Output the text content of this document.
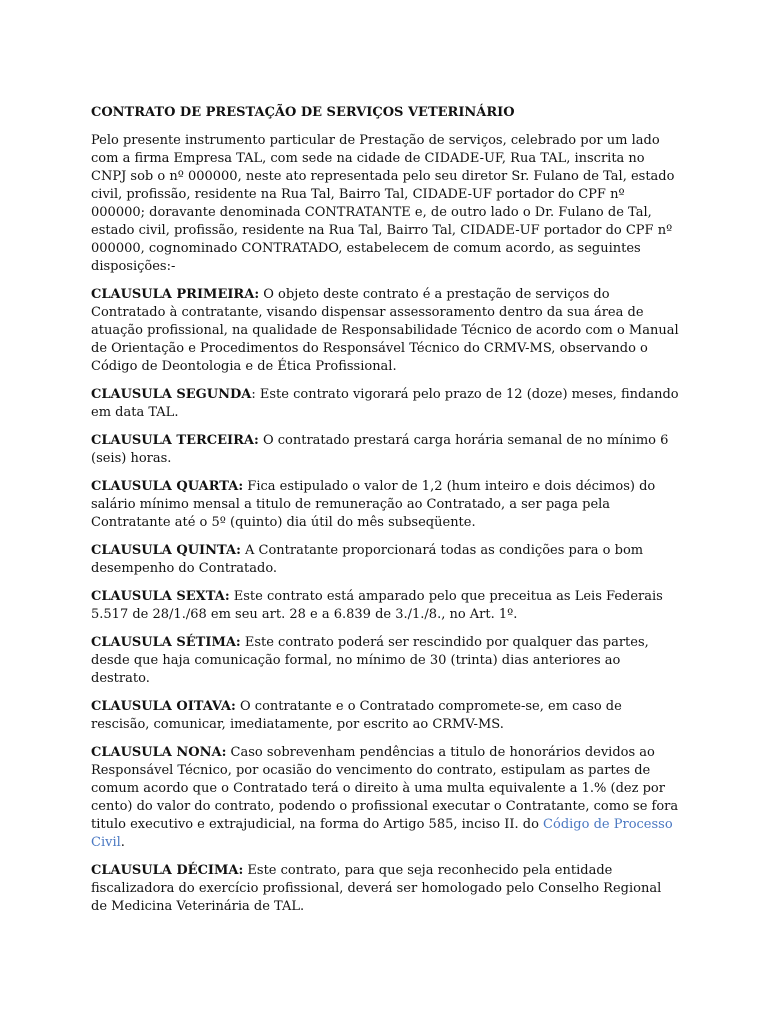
CONTRATO DE PRESTAÇÃO DE SERVIÇOS VETERINÁRIO

Pelo presente instrumento particular de Prestação de serviços, celebrado por um lado com a firma Empresa TAL, com sede na cidade de CIDADE-UF, Rua TAL, inscrita no CNPJ sob o nº 000000, neste ato representada pelo seu diretor Sr. Fulano de Tal, estado civil, profissão, residente na Rua Tal, Bairro Tal, CIDADE-UF portador do CPF nº 000000; doravante denominada CONTRATANTE e, de outro lado o Dr. Fulano de Tal, estado civil, profissão, residente na Rua Tal, Bairro Tal, CIDADE-UF portador do CPF nº 000000, cognominado CONTRATADO, estabelecem de comum acordo, as seguintes disposições:-

CLAUSULA PRIMEIRA: O objeto deste contrato é a prestação de serviços do Contratado à contratante, visando dispensar assessoramento dentro da sua área de atuação profissional, na qualidade de Responsabilidade Técnico de acordo com o Manual de Orientação e Procedimentos do Responsável Técnico do CRMV-MS, observando o Código de Deontologia e de Ética Profissional.

CLAUSULA SEGUNDA: Este contrato vigorará pelo prazo de 12 (doze) meses, findando em data TAL.

CLAUSULA TERCEIRA: O contratado prestará carga horária semanal de no mínimo 6 (seis) horas.

CLAUSULA QUARTA: Fica estipulado o valor de 1,2 (hum inteiro e dois décimos) do salário mínimo mensal a titulo de remuneração ao Contratado, a ser paga pela Contratante até o 5º (quinto) dia útil do mês subseqüente.

CLAUSULA QUINTA: A Contratante proporcionará todas as condições para o bom desempenho do Contratado.

CLAUSULA SEXTA: Este contrato está amparado pelo que preceitua as Leis Federais 5.517 de 28/1./68 em seu art. 28 e a 6.839 de 3./1./8., no Art. 1º.

CLAUSULA SÉTIMA: Este contrato poderá ser rescindido por qualquer das partes, desde que haja comunicação formal, no mínimo de 30 (trinta) dias anteriores ao destrato.

CLAUSULA OITAVA: O contratante e o Contratado compromete-se, em caso de rescisão, comunicar, imediatamente, por escrito ao CRMV-MS.

CLAUSULA NONA: Caso sobrevenham pendências a titulo de honorários devidos ao Responsável Técnico, por ocasião do vencimento do contrato, estipulam as partes de comum acordo que o Contratado terá o direito à uma multa equivalente a 1.% (dez por cento) do valor do contrato, podendo o profissional executar o Contratante, como se fora titulo executivo e extrajudicial, na forma do Artigo 585, inciso II. do Código de Processo Civil.

CLAUSULA DÉCIMA: Este contrato, para que seja reconhecido pela entidade fiscalizadora do exercício profissional, deverá ser homologado pelo Conselho Regional de Medicina Veterinária de TAL.
